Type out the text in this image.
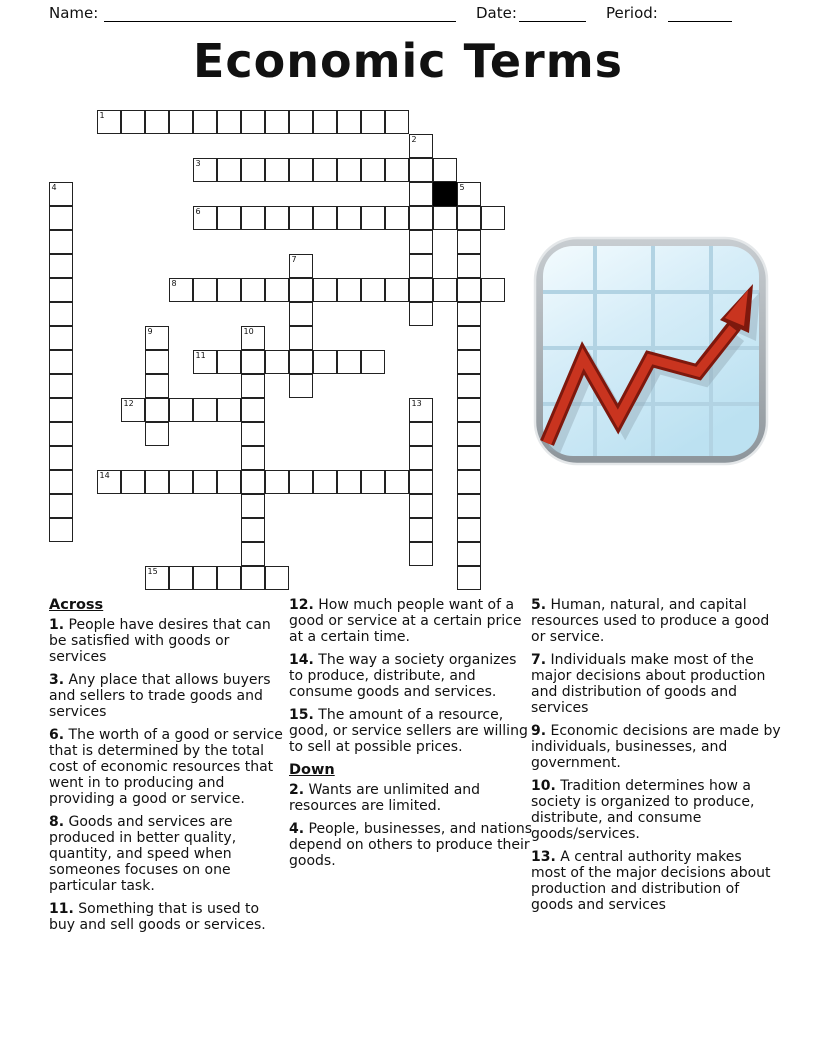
Name:	Date:	Period:
Economic Terms
1
2
3
4	5
6
7
8
9	10
11
12	13
14
15
Across

1. People have desires that can be satisfied with goods or services

3. Any place that allows buyers and sellers to trade goods and services

6. The worth of a good or service that is determined by the total cost of economic resources that went in to producing and providing a good or service.

8. Goods and services are produced in better quality, quantity, and speed when someones focuses on one particular task.

11. Something that is used to buy and sell goods or services.

12. How much people want of a good or service at a certain price at a certain time.

14. The way a society organizes to produce, distribute, and consume goods and services.

15. The amount of a resource, good, or service sellers are willing to sell at possible prices.

Down

2. Wants are unlimited and resources are limited.

4. People, businesses, and nations depend on others to produce their goods.

5. Human, natural, and capital resources used to produce a good or service.

7. Individuals make most of the major decisions about production and distribution of goods and services

9. Economic decisions are made by individuals, businesses, and government.

10. Tradition determines how a society is organized to produce, distribute, and consume goods/services.

13. A central authority makes most of the major decisions about production and distribution of goods and services
